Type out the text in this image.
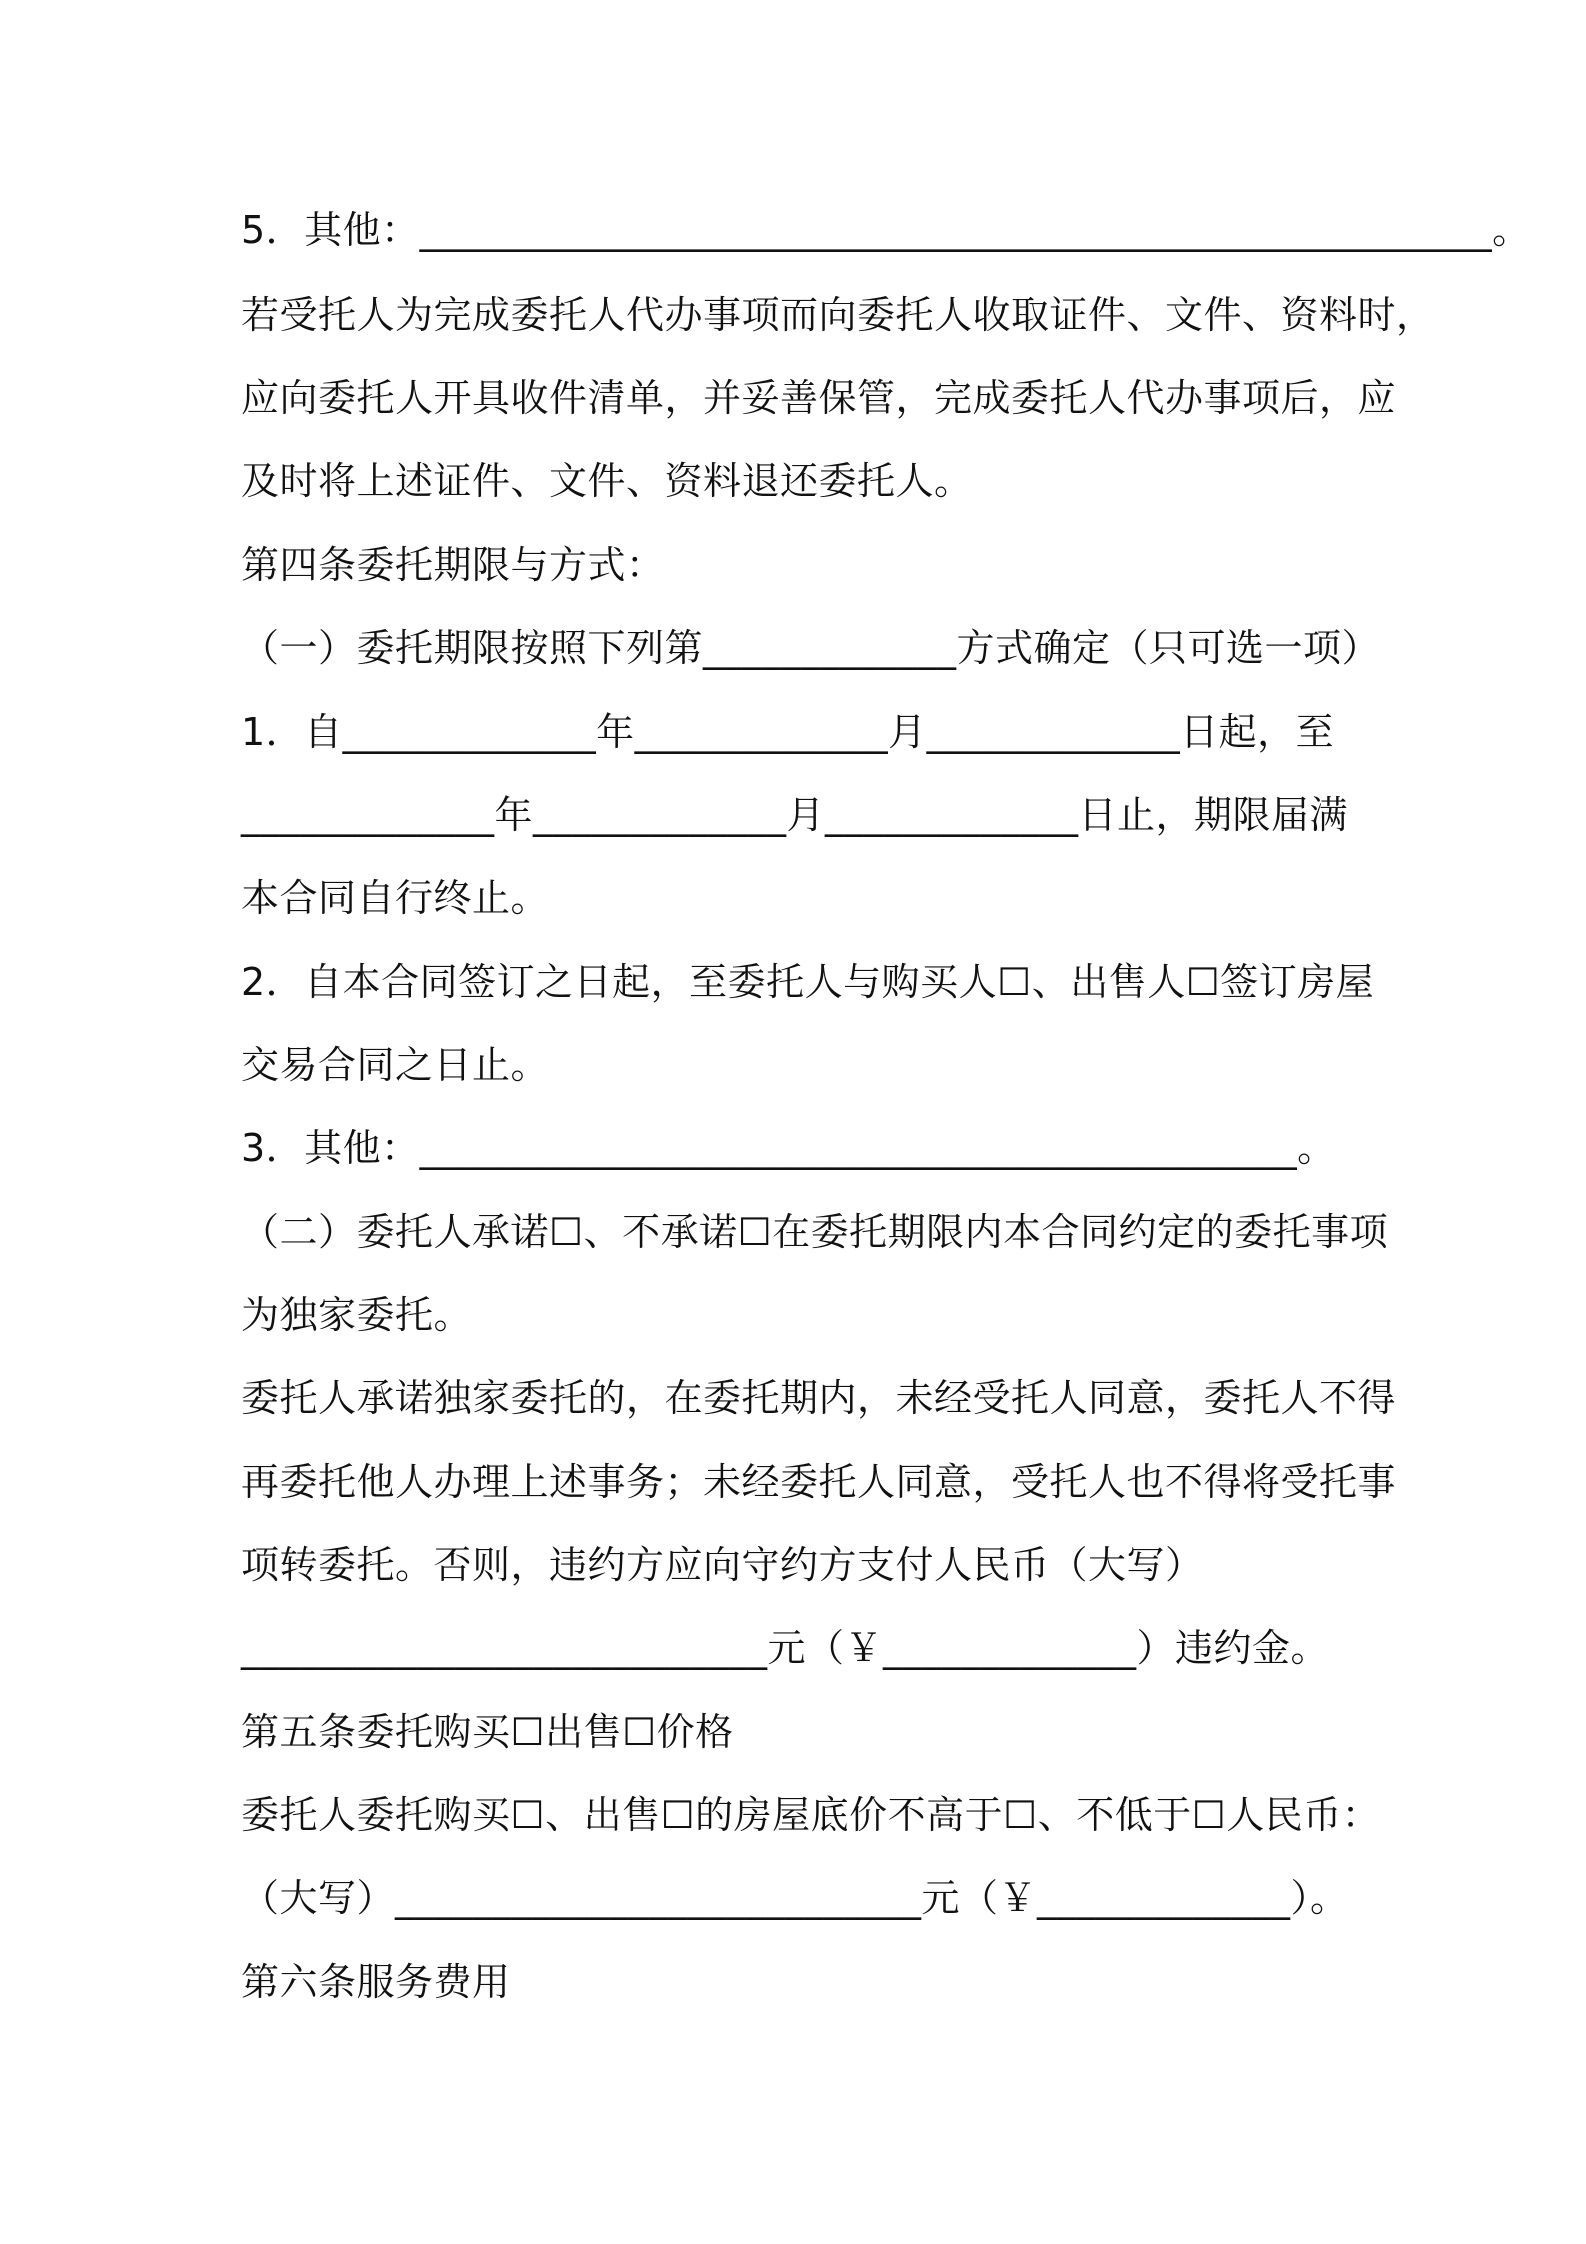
5．其他：_______________________________________________________。
若受托人为完成委托人代办事项而向委托人收取证件、文件、资料时，
应向委托人开具收件清单，并妥善保管，完成委托人代办事项后，应
及时将上述证件、文件、资料退还委托人。
第四条委托期限与方式：
（一）委托期限按照下列第_____________方式确定（只可选一项）
1．自_____________年_____________月_____________日起，至
_____________年_____________月_____________日止，期限届满
本合同自行终止。
2．自本合同签订之日起，至委托人与购买人☐、出售人☐签订房屋
交易合同之日止。
3．其他：_____________________________________________。
（二）委托人承诺☐、不承诺☐在委托期限内本合同约定的委托事项
为独家委托。
委托人承诺独家委托的，在委托期内，未经受托人同意，委托人不得
再委托他人办理上述事务；未经委托人同意，受托人也不得将受托事
项转委托。否则，违约方应向守约方支付人民币（大写）
___________________________元（￥_____________）违约金。
第五条委托购买☐出售☐价格
委托人委托购买☐、出售☐的房屋底价不高于☐、不低于☐人民币：
（大写）___________________________元（￥_____________）。
第六条服务费用
